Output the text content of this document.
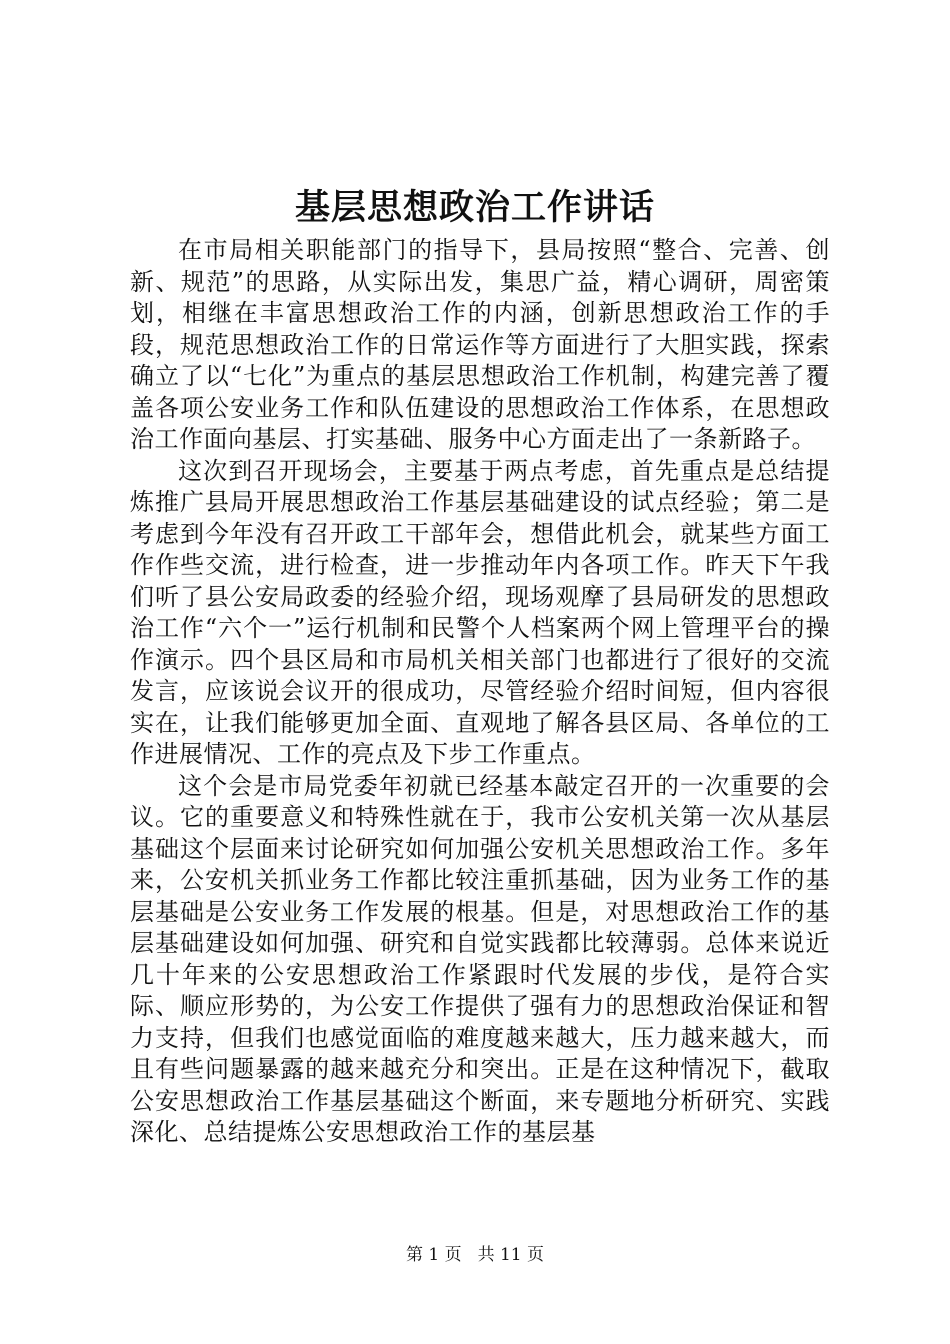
基层思想政治工作讲话

在市局相关职能部门的指导下，县局按照“整合、完善、创新、规范”的思路，从实际出发，集思广益，精心调研，周密策划，相继在丰富思想政治工作的内涵，创新思想政治工作的手段，规范思想政治工作的日常运作等方面进行了大胆实践，探索确立了以“七化”为重点的基层思想政治工作机制，构建完善了覆盖各项公安业务工作和队伍建设的思想政治工作体系，在思想政治工作面向基层、打实基础、服务中心方面走出了一条新路子。

这次到召开现场会，主要基于两点考虑，首先重点是总结提炼推广县局开展思想政治工作基层基础建设的试点经验；第二是考虑到今年没有召开政工干部年会，想借此机会，就某些方面工作作些交流，进行检查，进一步推动年内各项工作。昨天下午我们听了县公安局政委的经验介绍，现场观摩了县局研发的思想政治工作“六个一”运行机制和民警个人档案两个网上管理平台的操作演示。四个县区局和市局机关相关部门也都进行了很好的交流发言，应该说会议开的很成功，尽管经验介绍时间短，但内容很实在，让我们能够更加全面、直观地了解各县区局、各单位的工作进展情况、工作的亮点及下步工作重点。

这个会是市局党委年初就已经基本敲定召开的一次重要的会议。它的重要意义和特殊性就在于，我市公安机关第一次从基层基础这个层面来讨论研究如何加强公安机关思想政治工作。多年来，公安机关抓业务工作都比较注重抓基础，因为业务工作的基层基础是公安业务工作发展的根基。但是，对思想政治工作的基层基础建设如何加强、研究和自觉实践都比较薄弱。总体来说近几十年来的公安思想政治工作紧跟时代发展的步伐，是符合实际、顺应形势的，为公安工作提供了强有力的思想政治保证和智力支持，但我们也感觉面临的难度越来越大，压力越来越大，而且有些问题暴露的越来越充分和突出。正是在这种情况下，截取公安思想政治工作基层基础这个断面，来专题地分析研究、实践深化、总结提炼公安思想政治工作的基层基

第 1 页 共 11 页
